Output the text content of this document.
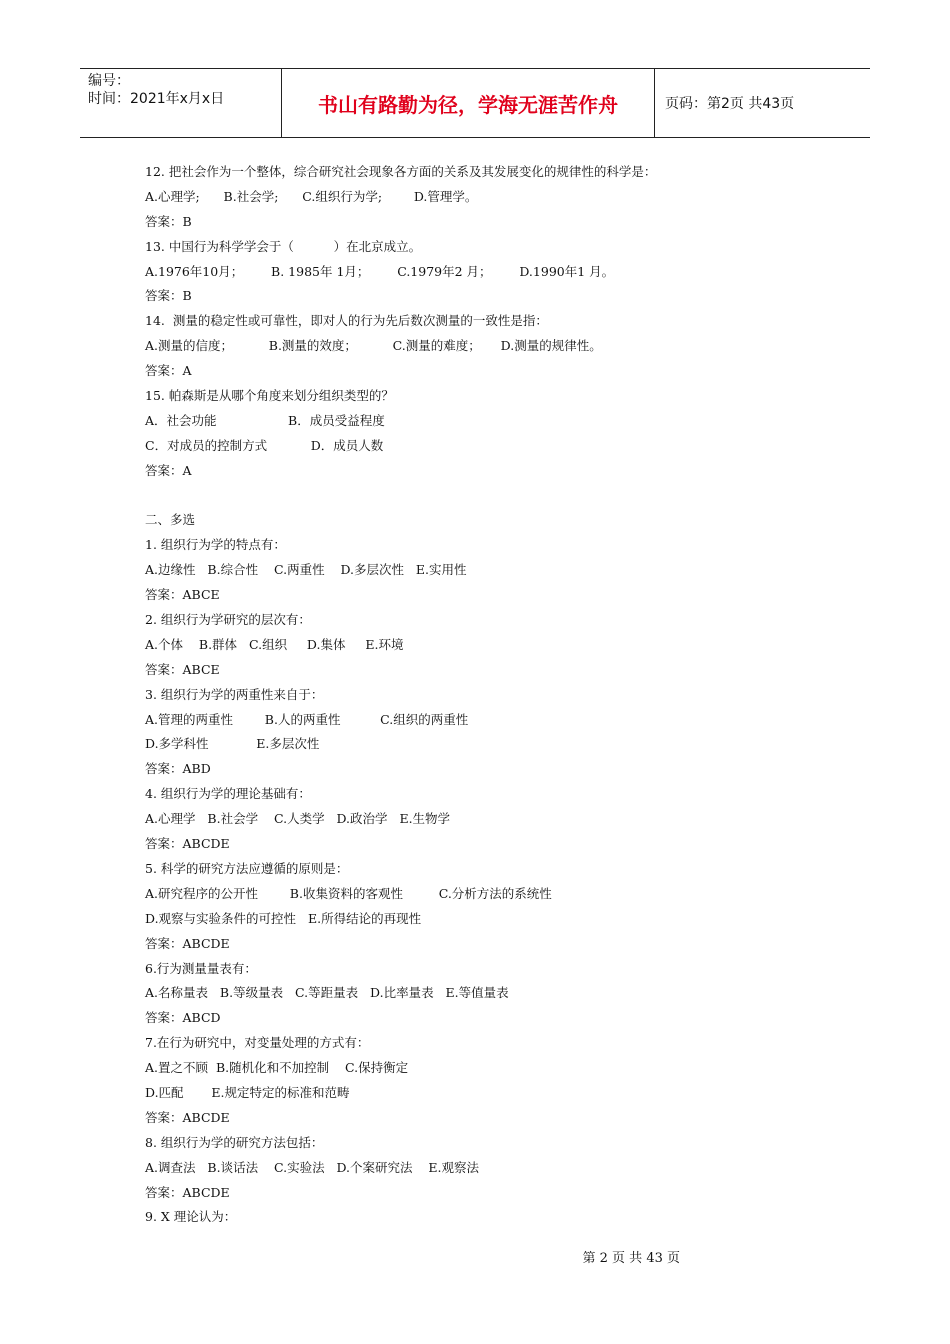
编号：
时间：2021年x月x日	书山有路勤为径，学海无涯苦作舟	页码：第2页 共43页
12. 把社会作为一个整体，综合研究社会现象各方面的关系及其发展变化的规律性的科学是：
A.心理学;      B.社会学;      C.组织行为学;        D.管理学。
答案：B
13. 中国行为科学学会于（          ）在北京成立。
A.1976年10月；       B. 1985年 1月；       C.1979年2 月；       D.1990年1 月。
答案：B
14.  测量的稳定性或可靠性，即对人的行为先后数次测量的一致性是指：
A.测量的信度；         B.测量的效度；         C.测量的难度；     D.测量的规律性。
答案：A
15. 帕森斯是从哪个角度来划分组织类型的？
A．社会功能                  B．成员受益程度
C．对成员的控制方式           D．成员人数
答案：A
二、多选
1. 组织行为学的特点有：
A.边缘性   B.综合性    C.两重性    D.多层次性   E.实用性
答案：ABCE
2. 组织行为学研究的层次有：
A.个体    B.群体   C.组织     D.集体     E.环境
答案：ABCE
3. 组织行为学的两重性来自于：
A.管理的两重性        B.人的两重性          C.组织的两重性
D.多学科性            E.多层次性
答案：ABD
4. 组织行为学的理论基础有：
A.心理学   B.社会学    C.人类学   D.政治学   E.生物学
答案：ABCDE
5. 科学的研究方法应遵循的原则是：
A.研究程序的公开性        B.收集资料的客观性         C.分析方法的系统性
D.观察与实验条件的可控性   E.所得结论的再现性
答案：ABCDE
6.行为测量量表有：
A.名称量表   B.等级量表   C.等距量表   D.比率量表   E.等值量表
答案：ABCD
7.在行为研究中，对变量处理的方式有：
A.置之不顾  B.随机化和不加控制    C.保持衡定
D.匹配       E.规定特定的标准和范畴
答案：ABCDE
8. 组织行为学的研究方法包括：
A.调查法   B.谈话法    C.实验法   D.个案研究法    E.观察法
答案：ABCDE
9. X 理论认为：
第 2 页 共 43 页
